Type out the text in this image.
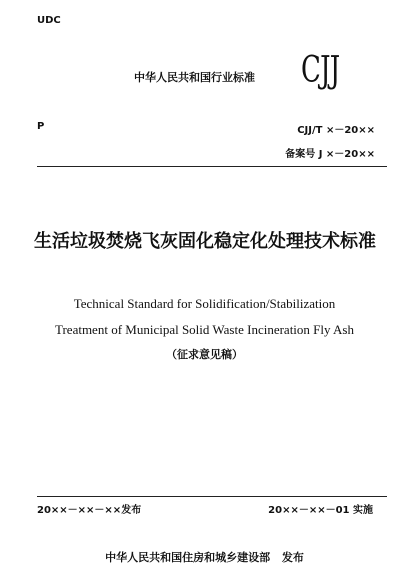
UDC
中华人民共和国行业标准 CJJ
P	CJJ/T ×－20××
备案号 J ×－20××
生活垃圾焚烧飞灰固化稳定化处理技术标准
Technical Standard for Solidification/Stabilization
Treatment of Municipal Solid Waste Incineration Fly Ash
（征求意见稿）
20××－××－××发布	20××－××－01 实施
中华人民共和国住房和城乡建设部 发布
